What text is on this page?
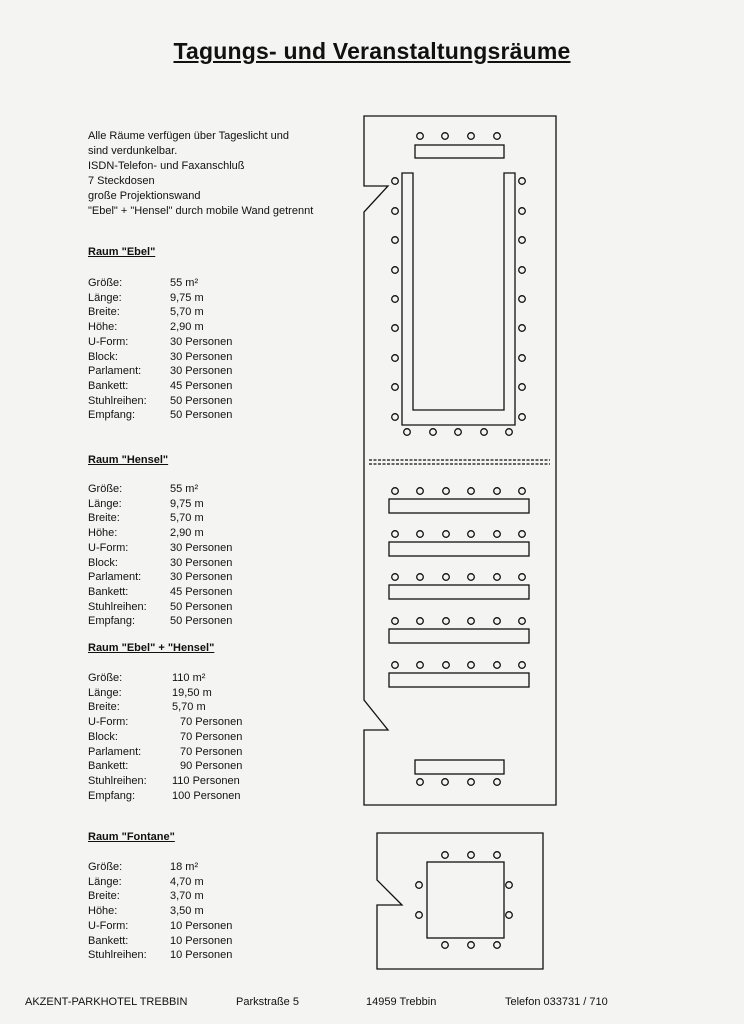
Tagungs- und Veranstaltungsräume
Alle Räume verfügen über Tageslicht und
sind verdunkelbar.
ISDN-Telefon- und Faxanschluß
7 Steckdosen
große Projektionswand
"Ebel" + "Hensel" durch mobile Wand getrennt
Raum "Ebel"
Größe:	55 m²
Länge:	9,75 m
Breite:	5,70 m
Höhe:	2,90 m
U-Form:	30 Personen
Block:	30 Personen
Parlament:	30 Personen
Bankett:	45 Personen
Stuhlreihen:	50 Personen
Empfang:	50 Personen
Raum "Hensel"
Größe:	55 m²
Länge:	9,75 m
Breite:	5,70 m
Höhe:	2,90 m
U-Form:	30 Personen
Block:	30 Personen
Parlament:	30 Personen
Bankett:	45 Personen
Stuhlreihen:	50 Personen
Empfang:	50 Personen
Raum "Ebel" + "Hensel"
Größe:	110 m²
Länge:	19,50 m
Breite:	5,70 m
U-Form:	70 Personen
Block:	70 Personen
Parlament:	70 Personen
Bankett:	90 Personen
Stuhlreihen:	110 Personen
Empfang:	100 Personen
Raum "Fontane"
Größe:	18 m²
Länge:	4,70 m
Breite:	3,70 m
Höhe:	3,50 m
U-Form:	10 Personen
Bankett:	10 Personen
Stuhlreihen:	10 Personen
AKZENT-PARKHOTEL TREBBIN	Parkstraße 5	14959 Trebbin	Telefon 033731 / 710
